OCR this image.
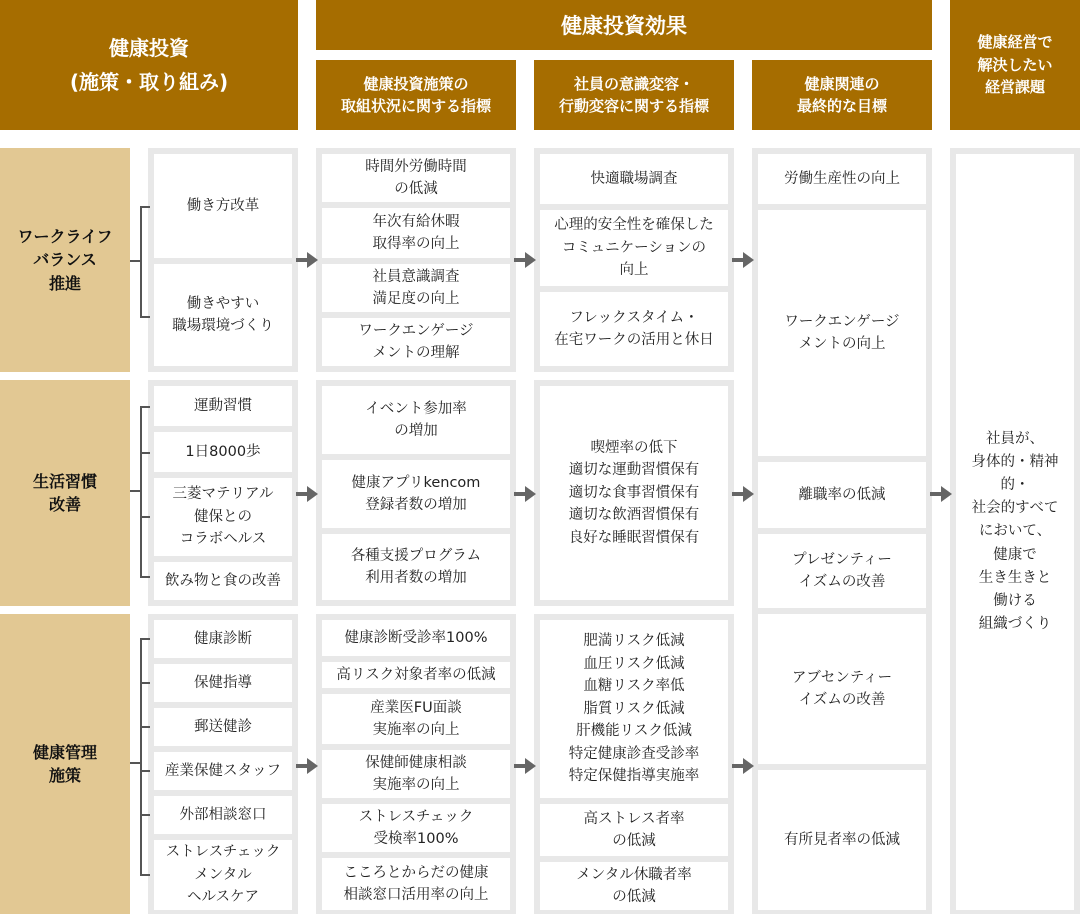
健康投資
(施策・取り組み)
健康投資効果
健康投資施策の
取組状況に関する指標
社員の意識変容・
行動変容に関する指標
健康関連の
最終的な目標
健康経営で
解決したい
経営課題
ワークライフ
バランス
推進
生活習慣
改善
健康管理
施策
働き方改革
働きやすい
職場環境づくり
運動習慣
1日8000歩
三菱マテリアル
健保との
コラボヘルス
飲み物と食の改善
健康診断
保健指導
郵送健診
産業保健スタッフ
外部相談窓口
ストレスチェック
メンタル
ヘルスケア
時間外労働時間
の低減
年次有給休暇
取得率の向上
社員意識調査
満足度の向上
ワークエンゲージ
メントの理解
イベント参加率
の増加
健康アプリkencom
登録者数の増加
各種支援プログラム
利用者数の増加
健康診断受診率100%
高リスク対象者率の低減
産業医FU面談
実施率の向上
保健師健康相談
実施率の向上
ストレスチェック
受検率100%
こころとからだの健康
相談窓口活用率の向上
快適職場調査
心理的安全性を確保した
コミュニケーションの
向上
フレックスタイム・
在宅ワークの活用と休日
喫煙率の低下
適切な運動習慣保有
適切な食事習慣保有
適切な飲酒習慣保有
良好な睡眠習慣保有
肥満リスク低減
血圧リスク低減
血糖リスク率低
脂質リスク低減
肝機能リスク低減
特定健康診査受診率
特定保健指導実施率
高ストレス者率
の低減
メンタル休職者率
の低減
労働生産性の向上
ワークエンゲージ
メントの向上
離職率の低減
プレゼンティー
イズムの改善
アブセンティー
イズムの改善
有所見者率の低減
社員が、
身体的・精神的・
社会的すべて
において、
健康で
生き生きと
働ける
組織づくり
